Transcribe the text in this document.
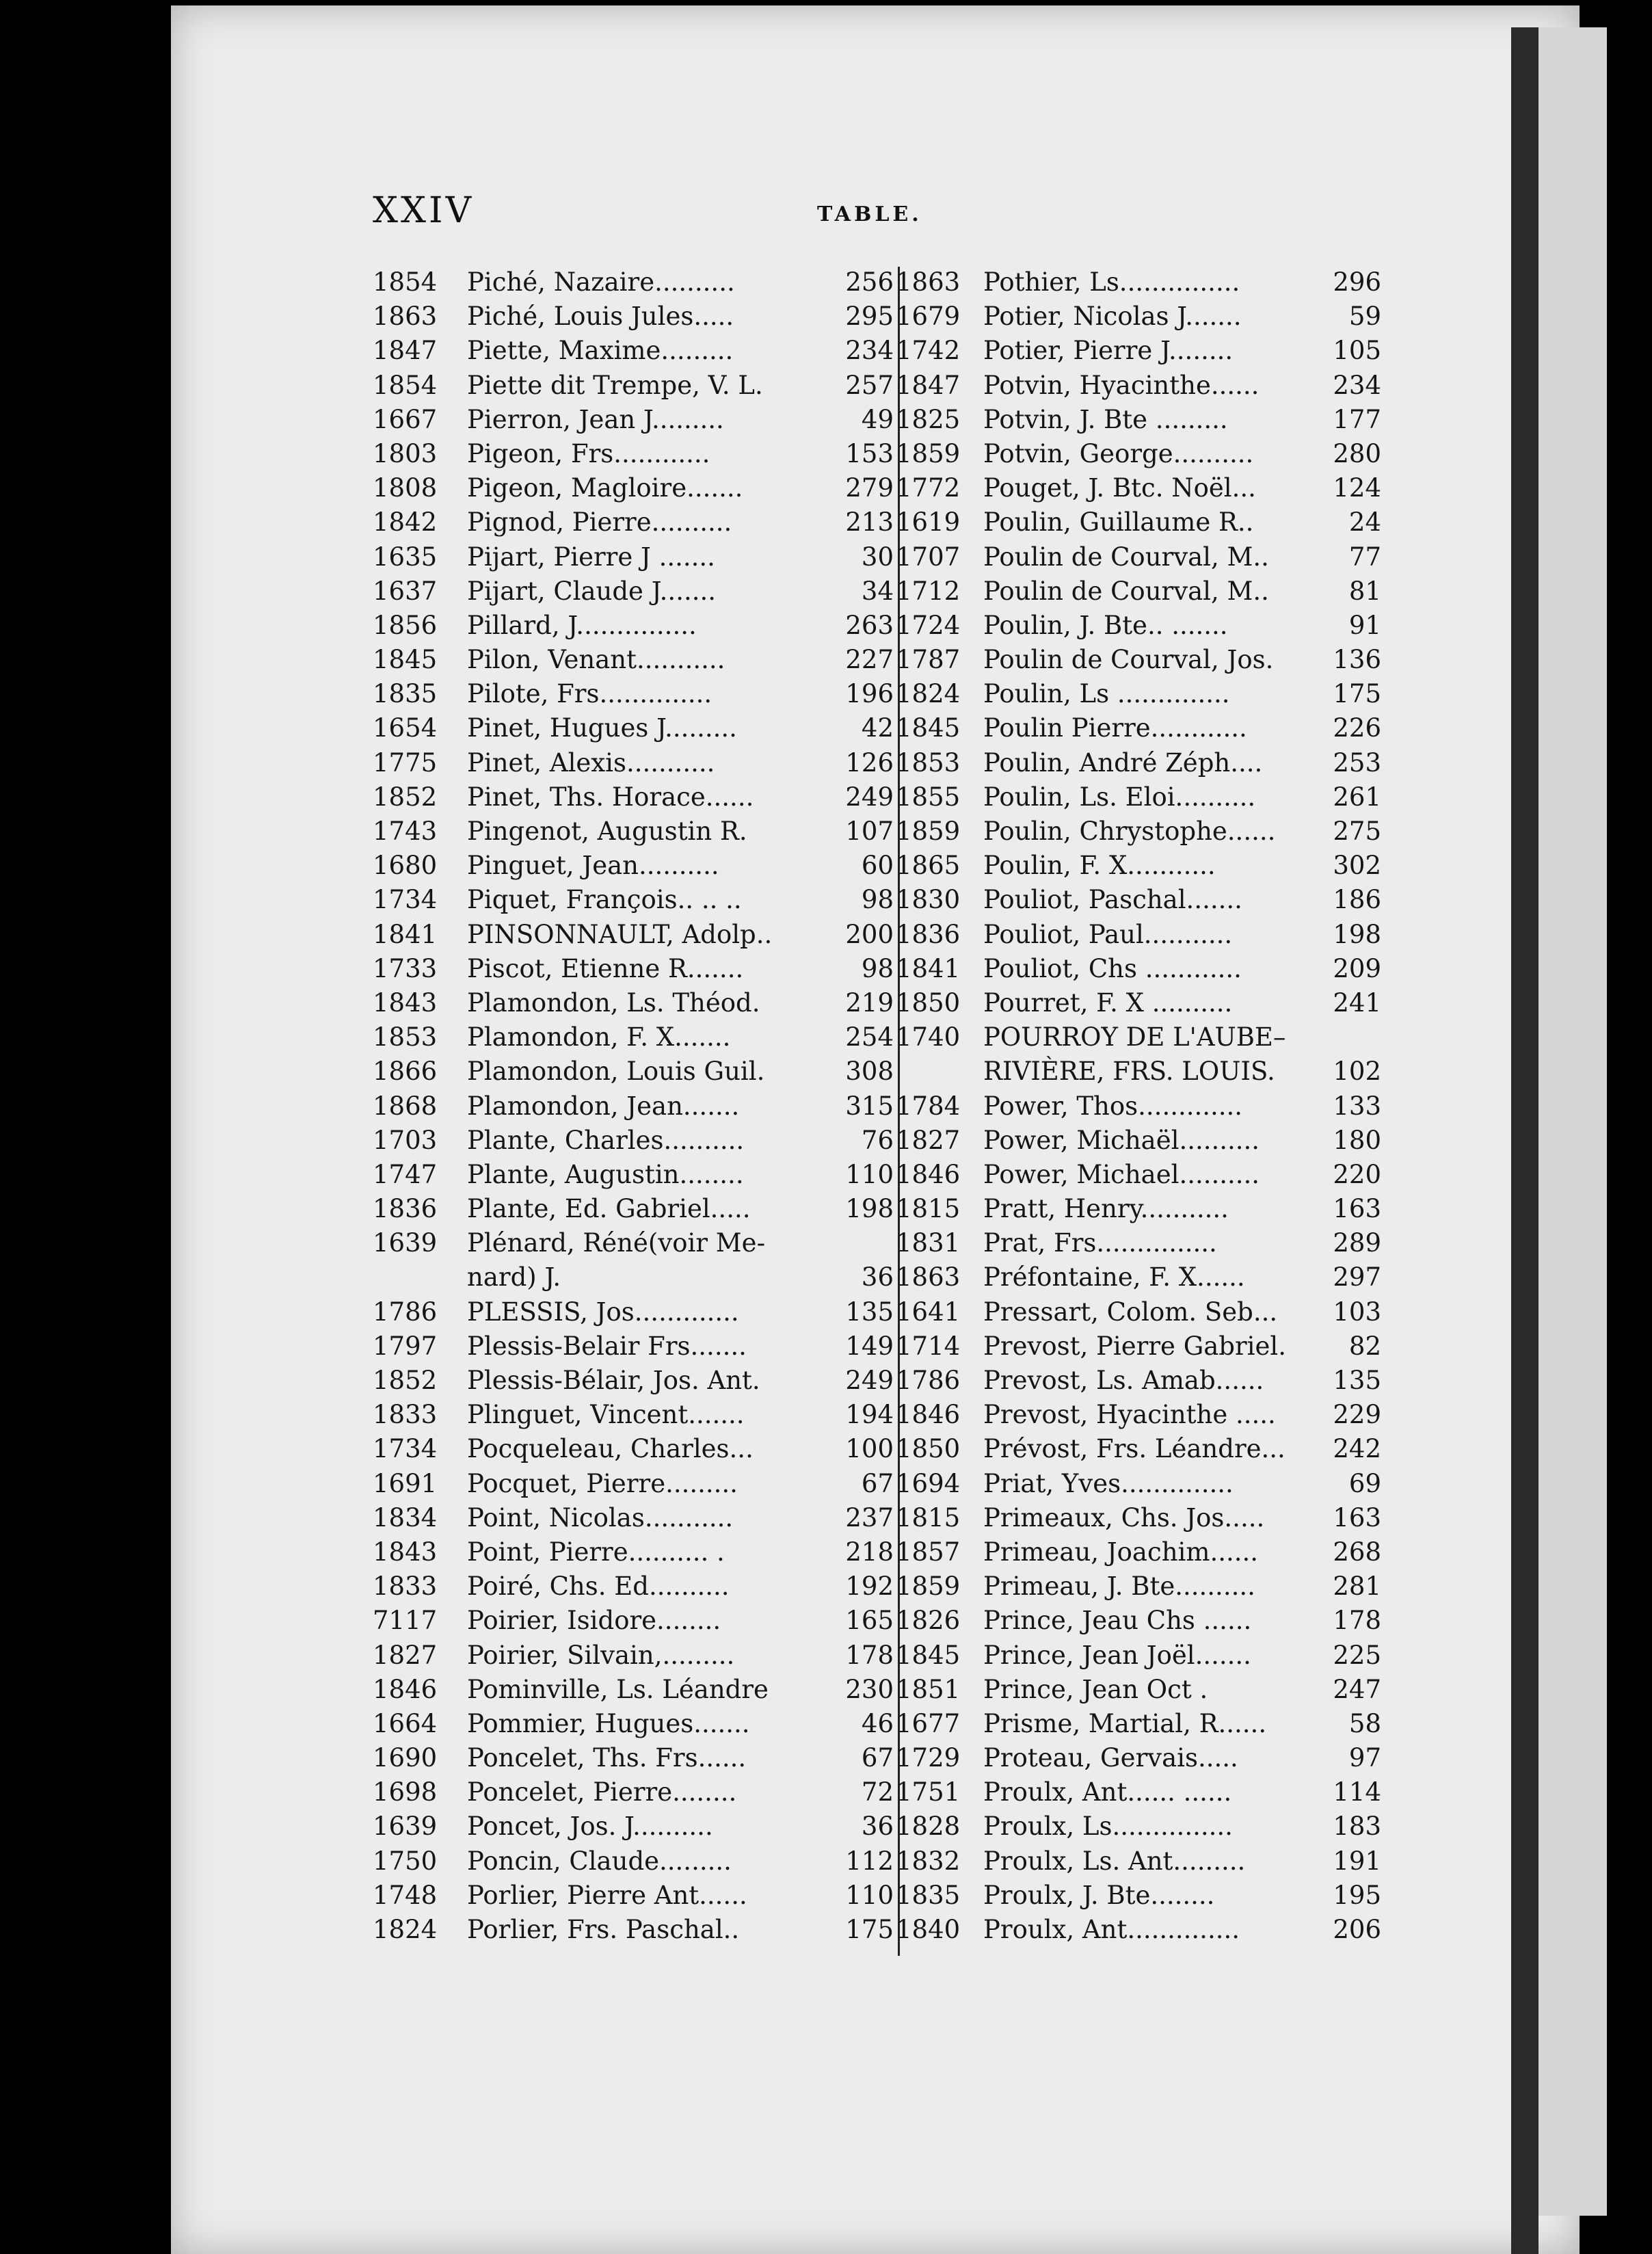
XXIV	TABLE.
1854	Piché, Nazaire..........	256
1863	Piché, Louis Jules.....	295
1847	Piette, Maxime.........	234
1854	Piette dit Trempe, V. L.	257
1667	Pierron, Jean J.........	49
1803	Pigeon, Frs............	153
1808	Pigeon, Magloire.......	279
1842	Pignod, Pierre..........	213
1635	Pijart, Pierre J .......	30
1637	Pijart, Claude J.......	34
1856	Pillard, J...............	263
1845	Pilon, Venant...........	227
1835	Pilote, Frs..............	196
1654	Pinet, Hugues J.........	42
1775	Pinet, Alexis...........	126
1852	Pinet, Ths. Horace......	249
1743	Pingenot, Augustin R.	107
1680	Pinguet, Jean..........	60
1734	Piquet, François.. .. ..	98
1841	PINSONNAULT, Adolp..	200
1733	Piscot, Etienne R.......	98
1843	Plamondon, Ls. Théod.	219
1853	Plamondon, F. X.......	254
1866	Plamondon, Louis Guil.	308
1868	Plamondon, Jean.......	315
1703	Plante, Charles..........	76
1747	Plante, Augustin........	110
1836	Plante, Ed. Gabriel.....	198
1639	Plénard, Réné(voir Me-
nard) J.	36
1786	PLESSIS, Jos.............	135
1797	Plessis-Belair Frs.......	149
1852	Plessis-Bélair, Jos. Ant.	249
1833	Plinguet, Vincent.......	194
1734	Pocqueleau, Charles...	100
1691	Pocquet, Pierre.........	67
1834	Point, Nicolas...........	237
1843	Point, Pierre.......... .	218
1833	Poiré, Chs. Ed..........	192
7117	Poirier, Isidore........	165
1827	Poirier, Silvain,.........	178
1846	Pominville, Ls. Léandre	230
1664	Pommier, Hugues.......	46
1690	Poncelet, Ths. Frs......	67
1698	Poncelet, Pierre........	72
1639	Poncet, Jos. J..........	36
1750	Poncin, Claude.........	112
1748	Porlier, Pierre Ant......	110
1824	Porlier, Frs. Paschal..	175
1863 Pothier, Ls...............	296
1679 Potier, Nicolas J.......	59
1742 Potier, Pierre J........	105
1847 Potvin, Hyacinthe......	234
1825 Potvin, J. Bte .........	177
1859 Potvin, George..........	280
1772 Pouget, J. Btc. Noël...	124
1619 Poulin, Guillaume R..	24
1707 Poulin de Courval, M..	77
1712 Poulin de Courval, M..	81
1724 Poulin, J. Bte.. .......	91
1787 Poulin de Courval, Jos. 136
1824 Poulin, Ls ..............	175
1845 Poulin Pierre............	226
1853 Poulin, André Zéph....	253
1855 Poulin, Ls. Eloi..........	261
1859 Poulin, Chrystophe...... 275
1865 Poulin, F. X...........	302
1830 Pouliot, Paschal.......	186
1836 Pouliot, Paul...........	198
1841 Pouliot, Chs ............	209
1850 Pourret, F. X ..........	241
1740 POURROY DE L'AUBE–
RIVIÈRE, FRS. LOUIS. 102
1784 Power, Thos.............	133
1827 Power, Michaël..........	180
1846 Power, Michael..........	220
1815 Pratt, Henry...........	163
1831 Prat, Frs...............	289
1863 Préfontaine, F. X......	297
1641 Pressart, Colom. Seb... 103
1714 Prevost, Pierre Gabriel. 82
1786 Prevost, Ls. Amab......	135
1846 Prevost, Hyacinthe ..... 229
1850 Prévost, Frs. Léandre... 242
1694 Priat, Yves..............	69
1815 Primeaux, Chs. Jos.....	163
1857 Primeau, Joachim......	268
1859 Primeau, J. Bte..........	281
1826 Prince, Jeau Chs ......	178
1845 Prince, Jean Joël.......	225
1851 Prince, Jean Oct .	247
1677 Prisme, Martial, R......	58
1729 Proteau, Gervais.....	97
1751 Proulx, Ant...... ......	114
1828 Proulx, Ls...............	183
1832 Proulx, Ls. Ant.........	191
1835 Proulx, J. Bte........	195
1840 Proulx, Ant..............	206
